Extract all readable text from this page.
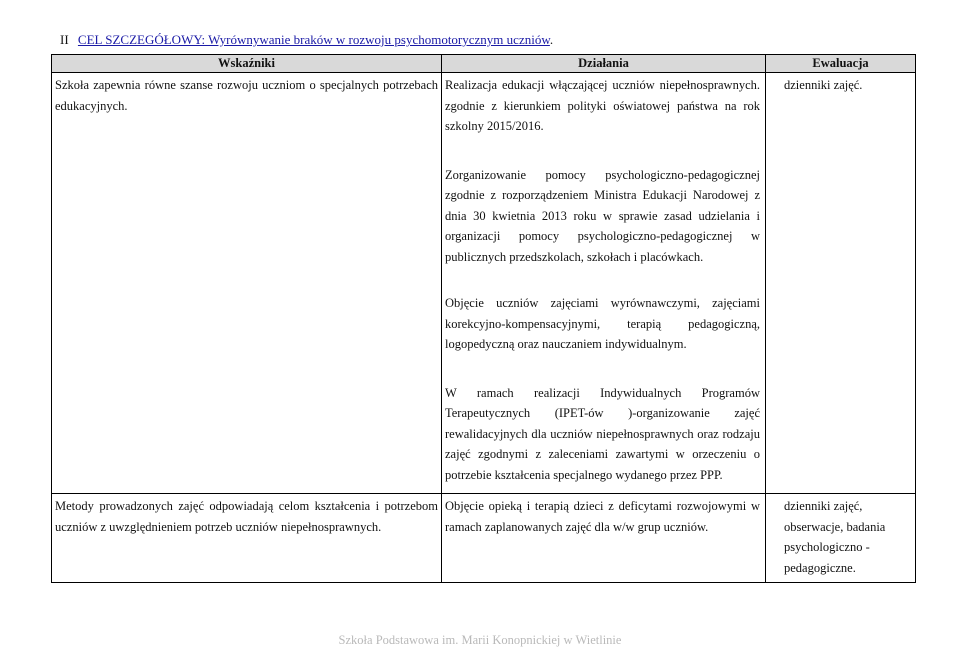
II CEL SZCZEGÓŁOWY: Wyrównywanie braków w rozwoju psychomotorycznym uczniów.
Wskaźniki	Działania	Ewaluacja

Szkoła zapewnia równe szanse rozwoju uczniom o specjalnych potrzebach edukacyjnych.	Realizacja edukacji włączającej uczniów niepełnosprawnych. zgodnie z kierunkiem polityki oświatowej państwa na rok szkolny 2015/2016.
Zorganizowanie pomocy psychologiczno-pedagogicznej zgodnie z rozporządzeniem Ministra Edukacji Narodowej z dnia 30 kwietnia 2013 roku w sprawie zasad udzielania i organizacji pomocy psychologiczno-pedagogicznej w publicznych przedszkolach, szkołach i placówkach.
Objęcie uczniów zajęciami wyrównawczymi, zajęciami korekcyjno-kompensacyjnymi, terapią pedagogiczną, logopedyczną oraz nauczaniem indywidualnym.
W ramach realizacji Indywidualnych Programów Terapeutycznych (IPET-ów )-organizowanie zajęć rewalidacyjnych dla uczniów niepełnosprawnych oraz rodzaju zajęć zgodnymi z zaleceniami zawartymi w orzeczeniu o potrzebie kształcenia specjalnego wydanego przez PPP.	dzienniki zajęć.

Metody prowadzonych zajęć odpowiadają celom kształcenia i potrzebom uczniów z uwzględnieniem potrzeb uczniów niepełnosprawnych.	Objęcie opieką i terapią dzieci z deficytami rozwojowymi w ramach zaplanowanych zajęć dla w/w grup uczniów.	dzienniki zajęć, obserwacje, badania psychologiczno - pedagogiczne.
Szkoła Podstawowa im. Marii Konopnickiej w Wietlinie
